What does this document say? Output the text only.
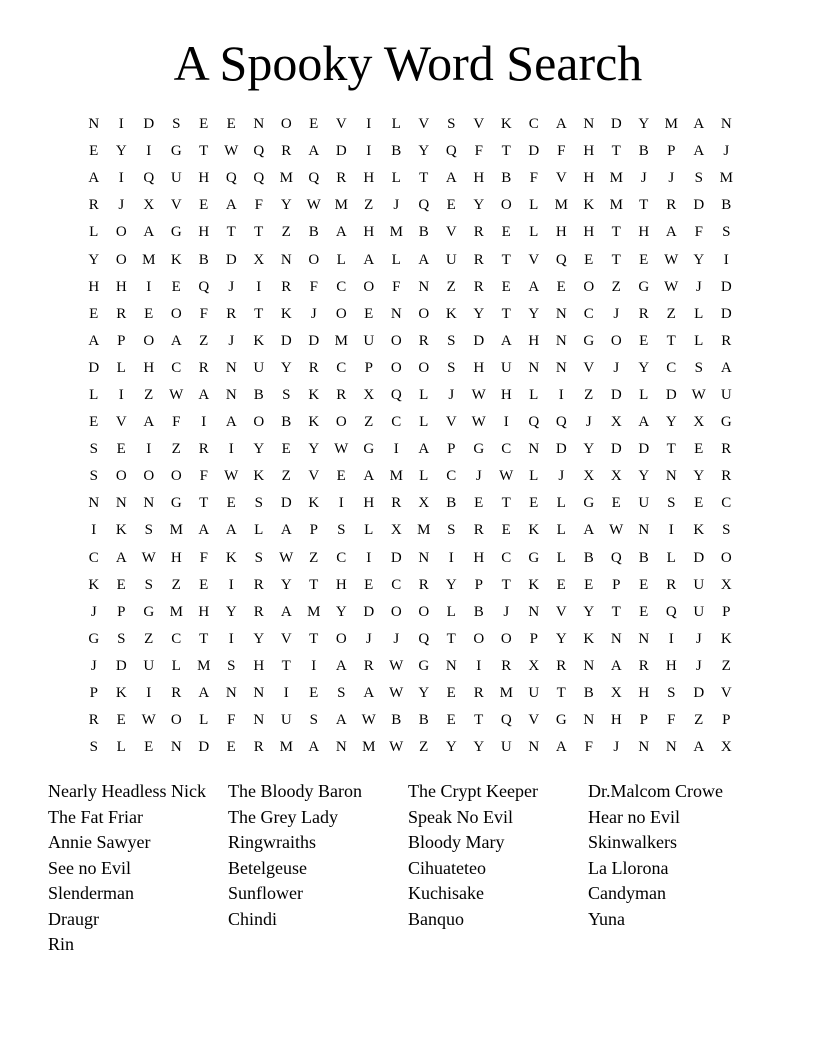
A Spooky Word Search
N	I	D	S	E	E	N	O	E	V	I	L	V	S	V	K	C	A	N	D	Y	M	A	N
E	Y	I	G	T	W	Q	R	A	D	I	B	Y	Q	F	T	D	F	H	T	B	P	A	J
A	I	Q	U	H	Q	Q	M	Q	R	H	L	T	A	H	B	F	V	H	M	J	J	S	M
R	J	X	V	E	A	F	Y W M	Z	J	Q	E	Y	O	L	M	K	M	T	R	D	B
L	O	A	G	H	T	T	Z	B	A	H	M	B	V	R	E	L	H	H	T	H	A	F	S
Y	O	M	K	B	D	X	N	O	L	A	L	A	U	R	T	V	Q	E	T	E	W	Y	I
H	H	I	E	Q	J	I	R	F	C	O	F	N	Z	R	E	A	E	O	Z	G W	J	D
E	R	E	O	F	R	T	K	J	O	E	N	O	K	Y	T	Y	N	C	J	R	Z	L	D
A	P	O	A	Z	J	K	D	D	M	U	O	R	S	D	A	H	N	G	O	E	T	L	R
D	L	H	C	R	N	U	Y	R	C	P	O	O	S	H	U	N	N	V	J	Y	C	S	A
L	I	Z	W	A	N	B	S	K	R	X	Q	L	J	W	H	L	I	Z	D	L	D W	U
E	V	A	F	I	A	O	B	K	O	Z	C	L	V W	I	Q	Q	J	X	A	Y	X	G
S	E	I	Z	R	I	Y	E	Y W	G	I	A	P	G	C	N	D	Y	D	D	T	E	R
S	O	O	O	F	W	K	Z	V	E	A	M	L	C	J	W	L	J	X	X	Y	N	Y	R
N	N	N	G	T	E	S	D	K	I	H	R	X	B	E	T	E	L	G	E	U	S	E	C
I	K	S	M	A	A	L	A	P	S	L	X	M	S	R	E	K	L	A W	N	I	K	S
C	A W	H	F	K	S	W	Z	C	I	D	N	I	H	C	G	L	B	Q	B	L	D	O
K	E	S	Z	E	I	R	Y	T	H	E	C	R	Y	P	T	K	E	E	P	E	R	U	X
J	P	G	M	H	Y	R	A	M	Y	D	O	O	L	B	J	N	V	Y	T	E	Q	U	P
G	S	Z	C	T	I	Y	V	T	O	J	J	Q	T	O	O	P	Y	K	N	N	I	J	K
J	D	U	L	M	S	H	T	I	A	R	W	G	N	I	R	X	R	N	A	R	H	J	Z
P	K	I	R	A	N	N	I	E	S	A W	Y	E	R	M	U	T	B	X	H	S	D	V
R	E	W	O	L	F	N	U	S	A W	B	B	E	T	Q	V	G	N	H	P	F	Z	P
S	L	E	N	D	E	R	M	A	N	M W	Z	Y	Y	U	N	A	F	J	N	N	A	X
Nearly Headless Nick	The Bloody Baron	The Crypt Keeper	Dr.Malcom Crowe
The Fat Friar	The Grey Lady	Speak No Evil	Hear no Evil
Annie Sawyer	Ringwraiths	Bloody Mary	Skinwalkers
See no Evil	Betelgeuse	Cihuateteo	La Llorona
Slenderman	Sunflower	Kuchisake	Candyman
Draugr	Chindi	Banquo	Yuna
Rin
